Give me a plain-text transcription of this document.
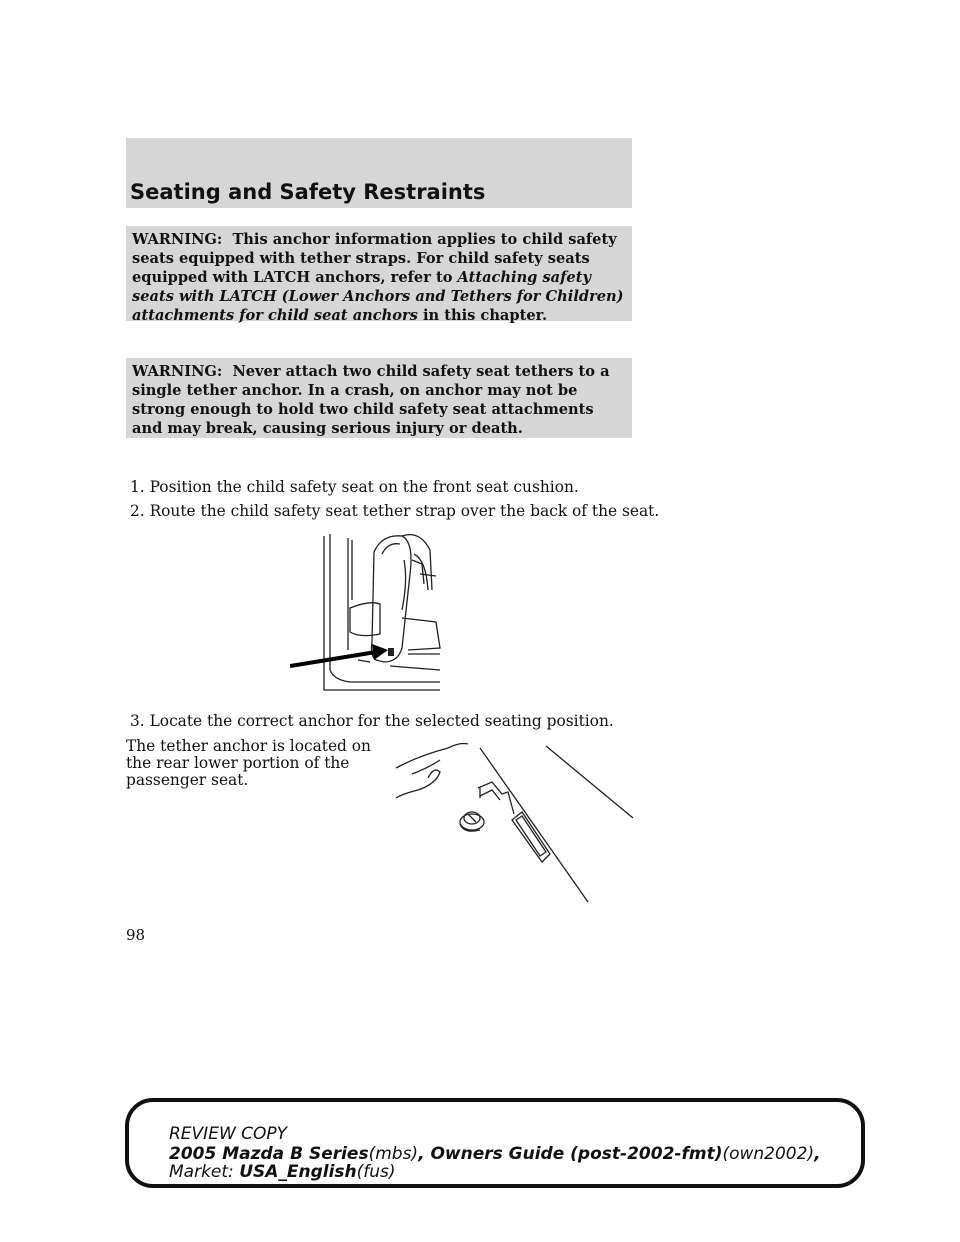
Seating and Safety Restraints
WARNING: This anchor information applies to child safety seats equipped with tether straps. For child safety seats equipped with LATCH anchors, refer to Attaching safety seats with LATCH (Lower Anchors and Tethers for Children) attachments for child seat anchors in this chapter.
WARNING: Never attach two child safety seat tethers to a single tether anchor. In a crash, on anchor may not be strong enough to hold two child safety seat attachments and may break, causing serious injury or death.
1. Position the child safety seat on the front seat cushion.
2. Route the child safety seat tether strap over the back of the seat.
3. Locate the correct anchor for the selected seating position.
The tether anchor is located on the rear lower portion of the passenger seat.
98
REVIEW COPY
2005 Mazda B Series(mbs), Owners Guide (post-2002-fmt)(own2002),
Market: USA_English(fus)
